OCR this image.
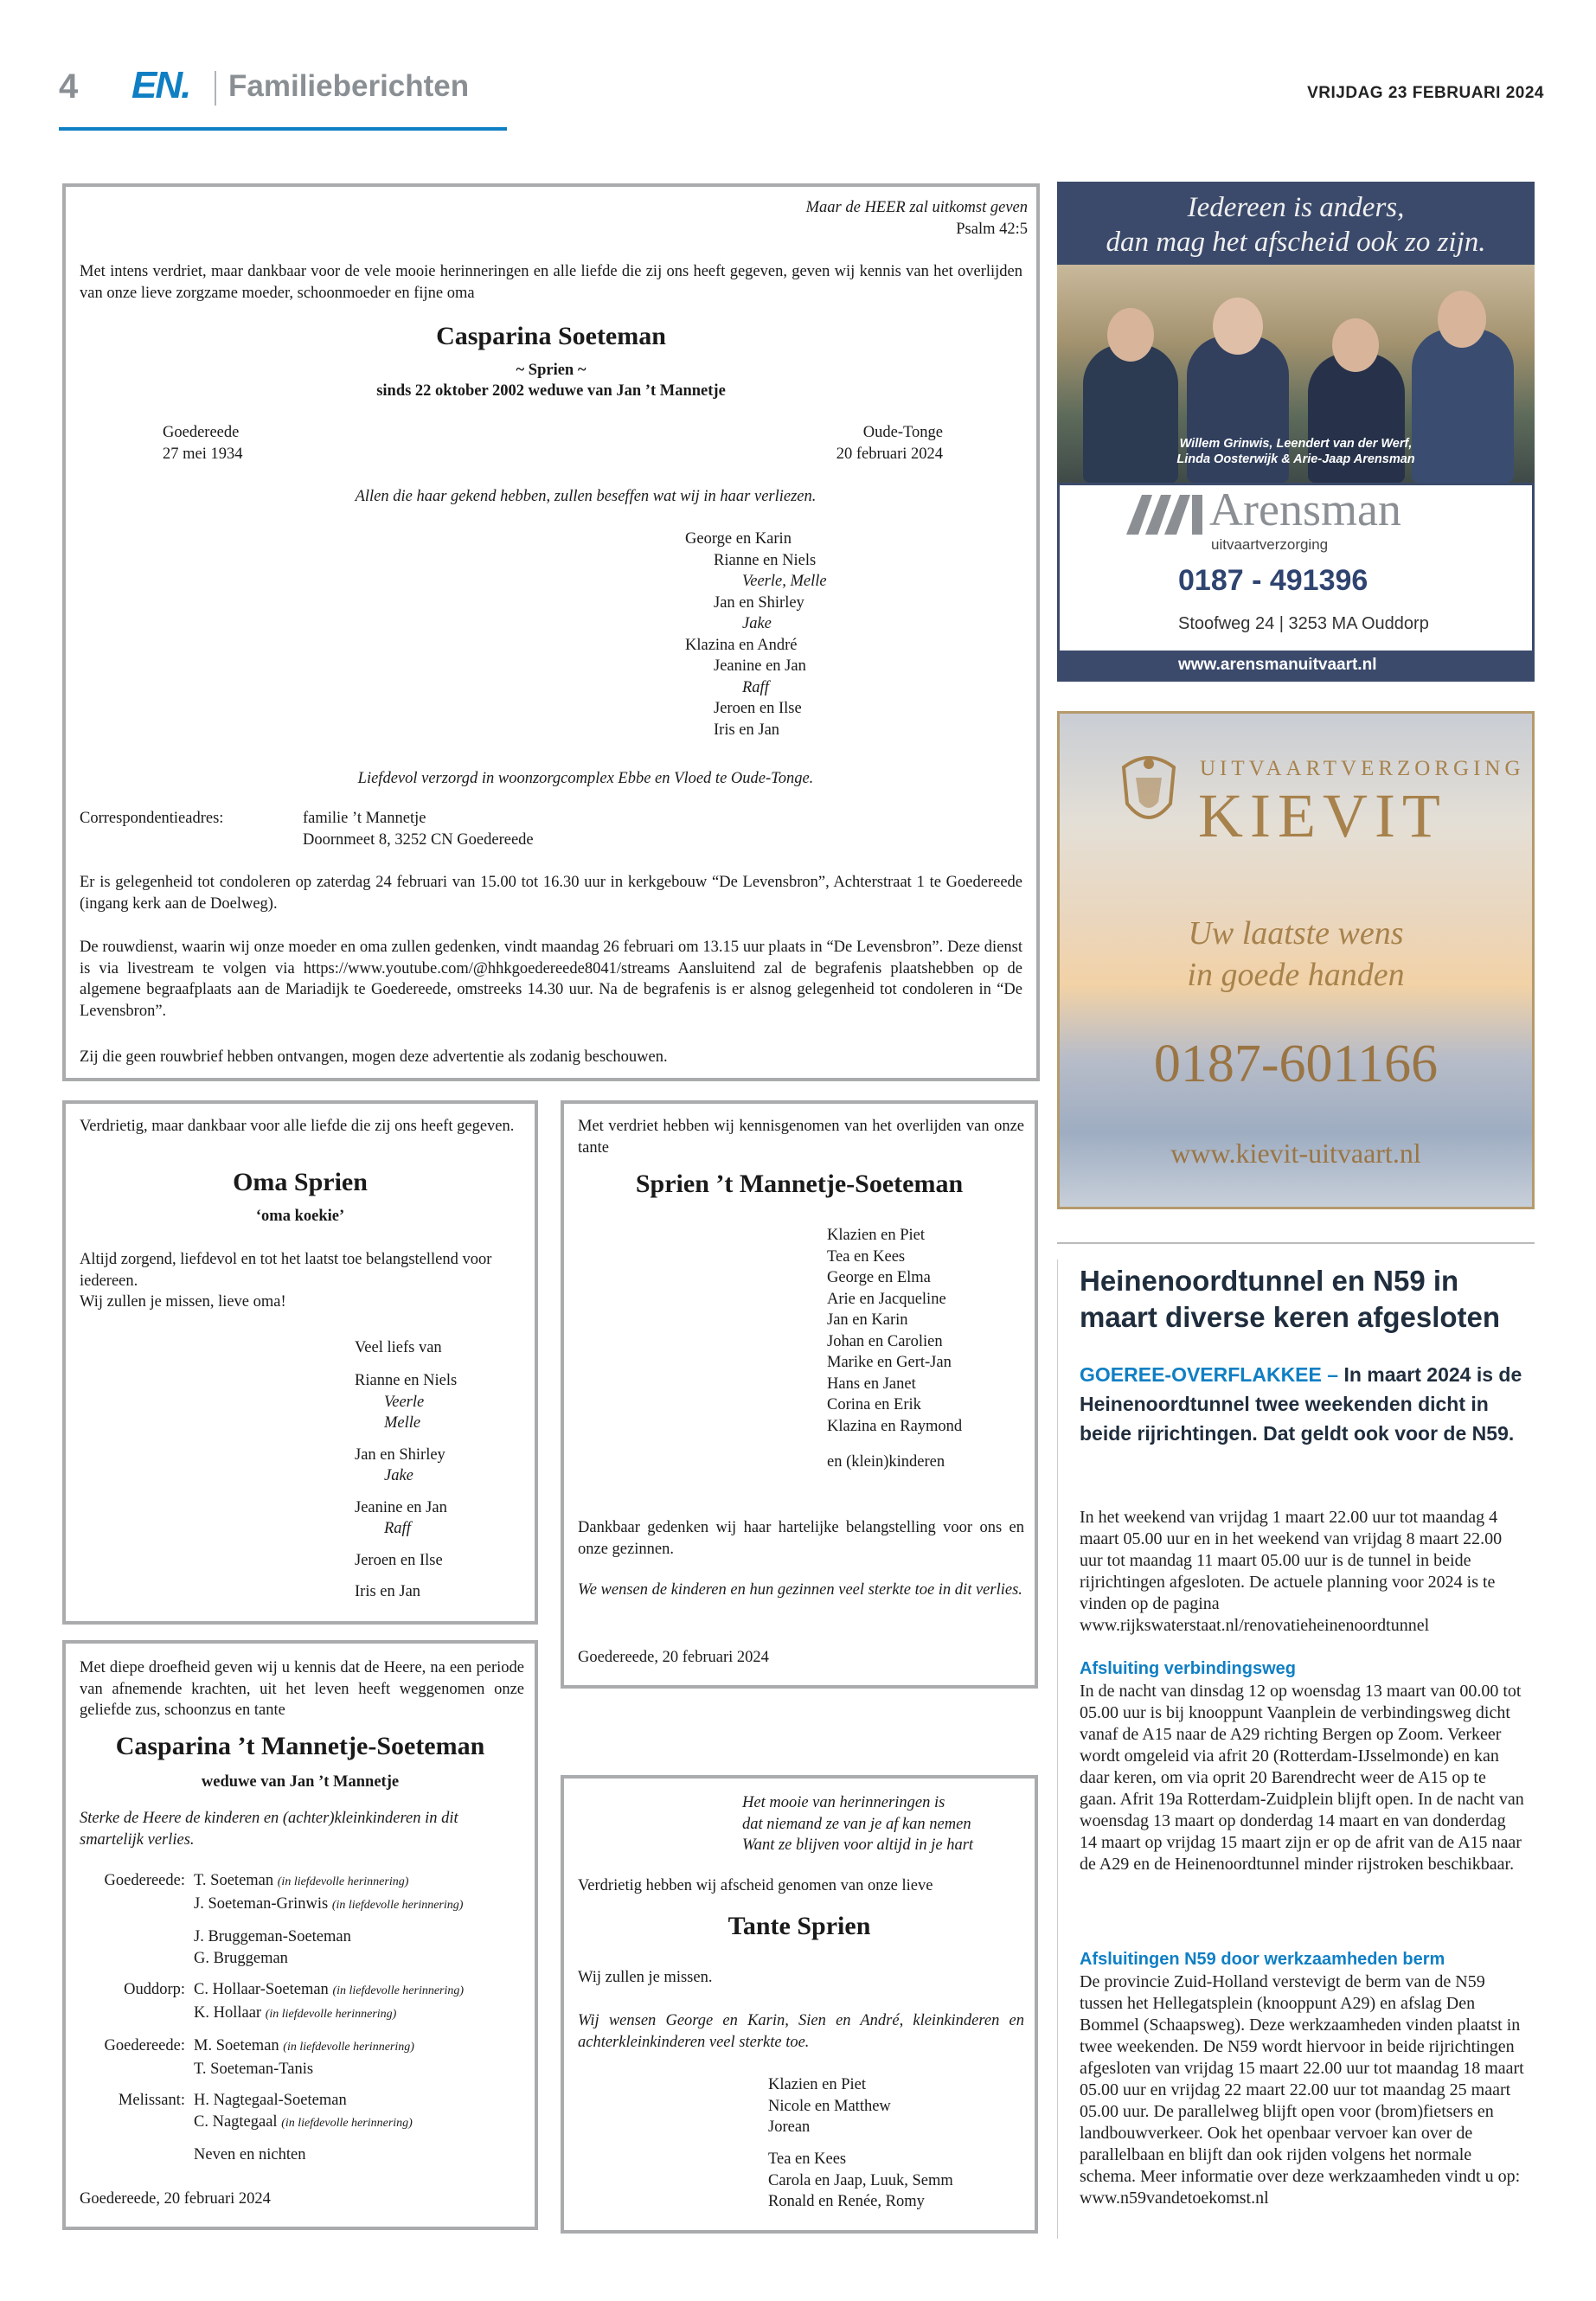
4 EN. Familieberichten	VRIJDAG 23 FEBRUARI 2024

Maar de HEER zal uitkomst geven

Psalm 42:5

Met intens verdriet, maar dankbaar voor de vele mooie herinneringen en alle liefde die zij ons heeft gegeven, geven wij kennis van het overlijden van onze lieve zorgzame moeder, schoonmoeder en fijne oma

Casparina Soeteman
~ Sprien ~
sinds 22 oktober 2002 weduwe van Jan ’t Mannetje

Goedereede

27 mei 1934

Oude-Tonge

20 februari 2024

Allen die haar gekend hebben, zullen beseffen wat wij in haar verliezen.

George en Karin

Rianne en Niels

Veerle, Melle

Jan en Shirley

Jake

Klazina en André

Jeanine en Jan

Raff

Jeroen en Ilse

Iris en Jan

Liefdevol verzorgd in woonzorgcomplex Ebbe en Vloed te Oude-Tonge.
Correspondentieadres:	familie ’t Mannetje

Doornmeet 8, 3252 CN Goedereede

Er is gelegenheid tot condoleren op zaterdag 24 februari van 15.00 tot 16.30 uur in kerkgebouw “De Levensbron”, Achterstraat 1 te Goedereede (ingang kerk aan de Doelweg).

De rouwdienst, waarin wij onze moeder en oma zullen gedenken, vindt maandag 26 februari om 13.15 uur plaats in “De Levensbron”. Deze dienst is via livestream te volgen via https://www.youtube.com/@hhkgoedereede8041/streams Aansluitend zal de begrafenis plaatshebben op de algemene begraafplaats aan de Mariadijk te Goedereede, omstreeks 14.30 uur. Na de begrafenis is er alsnog gelegenheid tot condoleren in “De Levensbron”.

Zij die geen rouwbrief hebben ontvangen, mogen deze advertentie als zodanig beschouwen.

Verdrietig, maar dankbaar voor alle liefde die zij ons heeft gegeven.
Oma Sprien
‘oma koekie’

Altijd zorgend, liefdevol en tot het laatst toe belangstellend voor iedereen.

Wij zullen je missen, lieve oma!

Veel liefs van

Rianne en Niels

Veerle

Melle

Jan en Shirley

Jake

Jeanine en Jan

Raff

Jeroen en Ilse

Iris en Jan

Met verdriet hebben wij kennisgenomen van het overlijden van onze tante
Sprien ’t Mannetje-Soeteman

Klazien en Piet

Tea en Kees

George en Elma

Arie en Jacqueline

Jan en Karin

Johan en Carolien

Marike en Gert-Jan

Hans en Janet

Corina en Erik

Klazina en Raymond

en (klein)kinderen
Dankbaar gedenken wij haar hartelijke belangstelling voor ons en onze gezinnen.
We wensen de kinderen en hun gezinnen veel sterkte toe in dit verlies.
Goedereede, 20 februari 2024
Met diepe droefheid geven wij u kennis dat de Heere, na een periode van afnemende krachten, uit het leven heeft weggenomen onze geliefde zus, schoonzus en tante
Casparina ’t Mannetje-Soeteman
weduwe van Jan ’t Mannetje
Sterke de Heere de kinderen en (achter)kleinkinderen in dit smartelijk verlies.
Goedereede: T. Soeteman (in liefdevolle herinnering)

J. Soeteman-Grinwis (in liefdevolle herinnering)

J. Bruggeman-Soeteman

G. Bruggeman

Ouddorp: C. Hollaar-Soeteman (in liefdevolle herinnering)

K. Hollaar (in liefdevolle herinnering)

Goedereede: M. Soeteman (in liefdevolle herinnering)

T. Soeteman-Tanis

Melissant: H. Nagtegaal-Soeteman

C. Nagtegaal (in liefdevolle herinnering)

Neven en nichten

Goedereede, 20 februari 2024

Het mooie van herinneringen is

dat niemand ze van je af kan nemen

Want ze blijven voor altijd in je hart

Verdrietig hebben wij afscheid genomen van onze lieve
Tante Sprien
Wij zullen je missen.
Wij wensen George en Karin, Sien en André, kleinkinderen en achterkleinkinderen veel sterkte toe.

Klazien en Piet

Nicole en Matthew

Jorean

Tea en Kees

Carola en Jaap, Luuk, Semm

Ronald en Renée, Romy

Iedereen is anders,

dan mag het afscheid ook zo zijn.

Willem Grinwis, Leendert van der Werf,

Linda Oosterwijk & Arie-Jaap Arensman

Arensman
uitvaartverzorging
0187 - 491396
Stoofweg 24 | 3253 MA Ouddorp
www.arensmanuitvaart.nl
UITVAARTVERZORGING
KIEVIT

Uw laatste wens

in goede handen

0187-601166
www.kievit-uitvaart.nl
Heinenoordtunnel en N59 in maart diverse keren afgesloten
GOEREE-OVERFLAKKEE – In maart 2024 is de Heinenoordtunnel twee weekenden dicht in beide rijrichtingen. Dat geldt ook voor de N59.
In het weekend van vrijdag 1 maart 22.00 uur tot maandag 4 maart 05.00 uur en in het weekend van vrijdag 8 maart 22.00 uur tot maandag 11 maart 05.00 uur is de tunnel in beide rijrichtingen afgesloten. De actuele planning voor 2024 is te vinden op de pagina www.rijkswaterstaat.nl/renovatieheinenoordtunnel
Afsluiting verbindingsweg
In de nacht van dinsdag 12 op woensdag 13 maart van 00.00 tot 05.00 uur is bij knooppunt Vaanplein de verbindingsweg dicht vanaf de A15 naar de A29 richting Bergen op Zoom. Verkeer wordt omgeleid via afrit 20 (Rotterdam-IJsselmonde) en kan daar keren, om via oprit 20 Barendrecht weer de A15 op te gaan. Afrit 19a Rotterdam-Zuidplein blijft open. In de nacht van woensdag 13 maart op donderdag 14 maart en van donderdag 14 maart op vrijdag 15 maart zijn er op de afrit van de A15 naar de A29 en de Heinenoordtunnel minder rijstroken beschikbaar.
Afsluitingen N59 door werkzaamheden berm
De provincie Zuid-Holland verstevigt de berm van de N59 tussen het Hellegatsplein (knooppunt A29) en afslag Den Bommel (Schaapsweg). Deze werkzaamheden vinden plaatst in twee weekenden. De N59 wordt hiervoor in beide rijrichtingen afgesloten van vrijdag 15 maart 22.00 uur tot maandag 18 maart 05.00 uur en vrijdag 22 maart 22.00 uur tot maandag 25 maart 05.00 uur. De parallelweg blijft open voor (brom)fietsers en landbouwverkeer. Ook het openbaar vervoer kan over de parallelbaan en blijft dan ook rijden volgens het normale schema. Meer informatie over deze werkzaamheden vindt u op: www.n59vandetoekomst.nl
